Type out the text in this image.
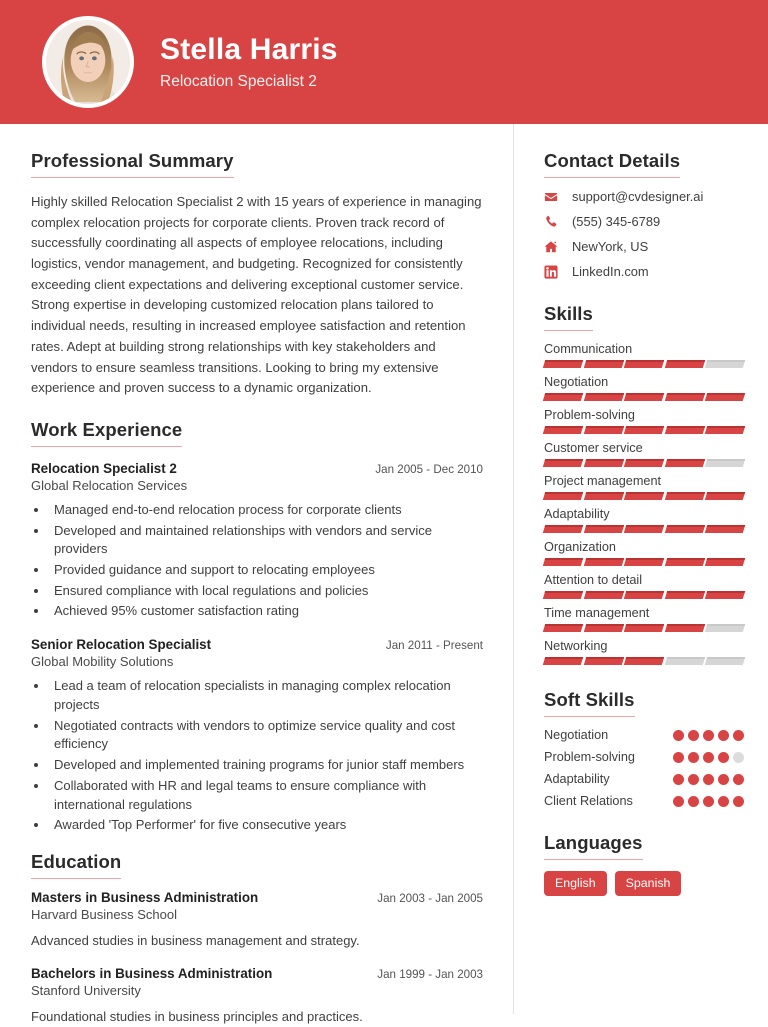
Stella Harris
Relocation Specialist 2
Professional Summary
Highly skilled Relocation Specialist 2 with 15 years of experience in managing complex relocation projects for corporate clients. Proven track record of successfully coordinating all aspects of employee relocations, including logistics, vendor management, and budgeting. Recognized for consistently exceeding client expectations and delivering exceptional customer service. Strong expertise in developing customized relocation plans tailored to individual needs, resulting in increased employee satisfaction and retention rates. Adept at building strong relationships with key stakeholders and vendors to ensure seamless transitions. Looking to bring my extensive experience and proven success to a dynamic organization.
Work Experience
Relocation Specialist 2	Jan 2005 - Dec 2010
Global Relocation Services
• Managed end-to-end relocation process for corporate clients
• Developed and maintained relationships with vendors and service providers
• Provided guidance and support to relocating employees
• Ensured compliance with local regulations and policies
• Achieved 95% customer satisfaction rating
Senior Relocation Specialist	Jan 2011 - Present
Global Mobility Solutions
• Lead a team of relocation specialists in managing complex relocation projects
• Negotiated contracts with vendors to optimize service quality and cost efficiency
• Developed and implemented training programs for junior staff members
• Collaborated with HR and legal teams to ensure compliance with international regulations
• Awarded 'Top Performer' for five consecutive years
Education
Masters in Business Administration	Jan 2003 - Jan 2005
Harvard Business School
Advanced studies in business management and strategy.
Bachelors in Business Administration	Jan 1999 - Jan 2003
Stanford University
Foundational studies in business principles and practices.
Contact Details
support@cvdesigner.ai
(555) 345-6789
NewYork, US
LinkedIn.com
Skills
Communication
Negotiation
Problem-solving
Customer service
Project management
Adaptability
Organization
Attention to detail
Time management
Networking
Soft Skills
Negotiation
Problem-solving
Adaptability
Client Relations
Languages
English	Spanish
